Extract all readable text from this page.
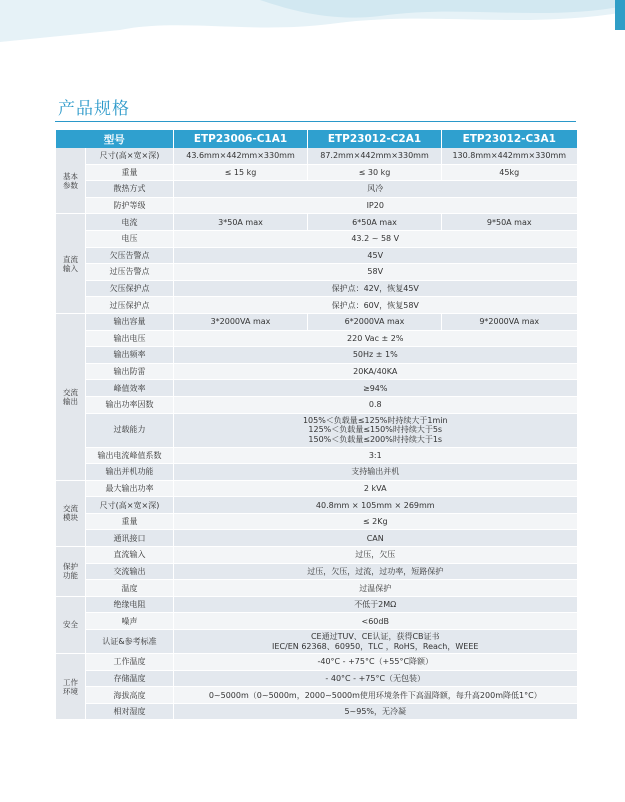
产品规格
型号		ETP23006-C1A1	ETP23012-C2A1	ETP23012-C3A1

基本
参数	尺寸(高×宽×深)	43.6mm×442mm×330mm	87.2mm×442mm×330mm	130.8mm×442mm×330mm
	重量	≤ 15 kg	≤ 30 kg	45kg
	散热方式	风冷		
	防护等级	IP20		

直流
输入	电流	3*50A max	6*50A max	9*50A max
	电压	43.2 ~ 58 V		
	欠压告警点	45V		
	过压告警点	58V		
	欠压保护点	保护点：42V，恢复45V		
	过压保护点	保护点：60V，恢复58V		

交流
输出	输出容量	3*2000VA max	6*2000VA max	9*2000VA max
	输出电压	220 Vac ± 2%		
	输出频率	50Hz ± 1%		
	输出防雷	20KA/40KA		
	峰值效率	≥94%		
	输出功率因数	0.8		
	过载能力	105%＜负载量≤125%时持续大于1min
125%＜负载量≤150%时持续大于5s
150%＜负载量≤200%时持续大于1s		

	输出电流峰值系数	3:1		
	输出并机功能	支持输出并机		

交流
模块	最大输出功率	2 kVA		
	尺寸(高×宽×深)	40.8mm × 105mm × 269mm		
	重量	≤ 2Kg		
	通讯接口	CAN		

保护
功能	直流输入	过压，欠压		
	交流输出	过压，欠压，过流，过功率，短路保护		
	温度	过温保护		
安全	绝缘电阻	不低于2MΩ		
	噪声	<60dB		
	认证&参考标准	CE通过TUV、CE认证，获得CB证书
IEC/EN 62368、60950，TLC ，RoHS，Reach，WEEE		

工作
环境	工作温度	-40°C - +75°C（+55°C降额）		
	存储温度	- 40°C - +75°C（无包装）		
	海拔高度	0~5000m（0~5000m，2000~5000m使用环境条件下高温降额，每升高200m降低1°C）		
	相对湿度	5~95%，无冷凝		
